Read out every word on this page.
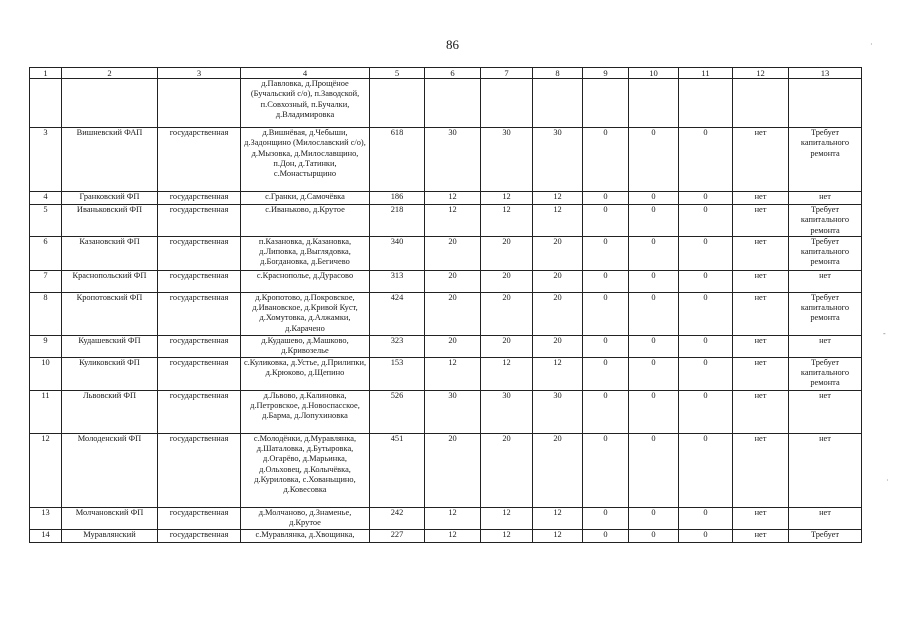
86
1	2	3	4	5	6	7	8	9	10	11	12	13
			д.Павловка, д.Прощёное (Бучальский с/о), п.Заводской, п.Совхозный, п.Бучалки, д.Владимировка									
3	Вишневский ФАП	государственная	д.Вишнёвая, д.Чебыши, д.Задонщино (Милославский с/о), д.Мызовка, д.Милославщино, п.Дон, д.Татинки, с.Монастырщино	618	30	30	30	0	0	0	нет	Требует капитального ремонта
4	Гранковский ФП	государственная	с.Гранки, д.Самочёвка	186	12	12	12	0	0	0	нет	нет
5	Иваньковский ФП	государственная	с.Иваньково, д.Крутое	218	12	12	12	0	0	0	нет	Требует капитального ремонта
6	Казановский ФП	государственная	п.Казановка, д.Казановка, д.Липовка, д.Выглядовка, д.Богдановка, д.Бегичево	340	20	20	20	0	0	0	нет	Требует капитального ремонта
7	Краснопольский ФП	государственная	с.Краснополье, д.Дурасово	313	20	20	20	0	0	0	нет	нет
8	Кропотовский ФП	государственная	д.Кропотово, д.Покровское, д.Ивановское, д.Кривой Куст, д.Хомутовка, д.Алжамки, д.Карачено	424	20	20	20	0	0	0	нет	Требует капитального ремонта
9	Кудашевский ФП	государственная	д.Кудашево, д.Машково, д.Кривозелье	323	20	20	20	0	0	0	нет	нет
10	Куликовский ФП	государственная	с.Куликовка, д.Устье, д.Прилипки, д.Крюково, д.Щепино	153	12	12	12	0	0	0	нет	Требует капитального ремонта
11	Львовский ФП	государственная	д.Львово, д.Калиновка, д.Петровское, д.Новоспасское, д.Барма, д.Лопухиновка	526	30	30	30	0	0	0	нет	нет
12	Молоденский ФП	государственная	с.Молодёнки, д.Муравлянка, д.Шаталовка, д.Бутыровка, д.Огарёво, д.Марьинка, д.Ольховец, д.Колычёвка, д.Куриловка, с.Хованьщино, д.Ковесовка	451	20	20	20	0	0	0	нет	нет
13	Молчановский ФП	государственная	д.Молчаново, д.Знаменье, д.Крутое	242	12	12	12	0	0	0	нет	нет
14	Муравлянский	государственная	с.Муравлянка, д.Хвощинка,	227	12	12	12	0	0	0	нет	Требует
·
-
·
